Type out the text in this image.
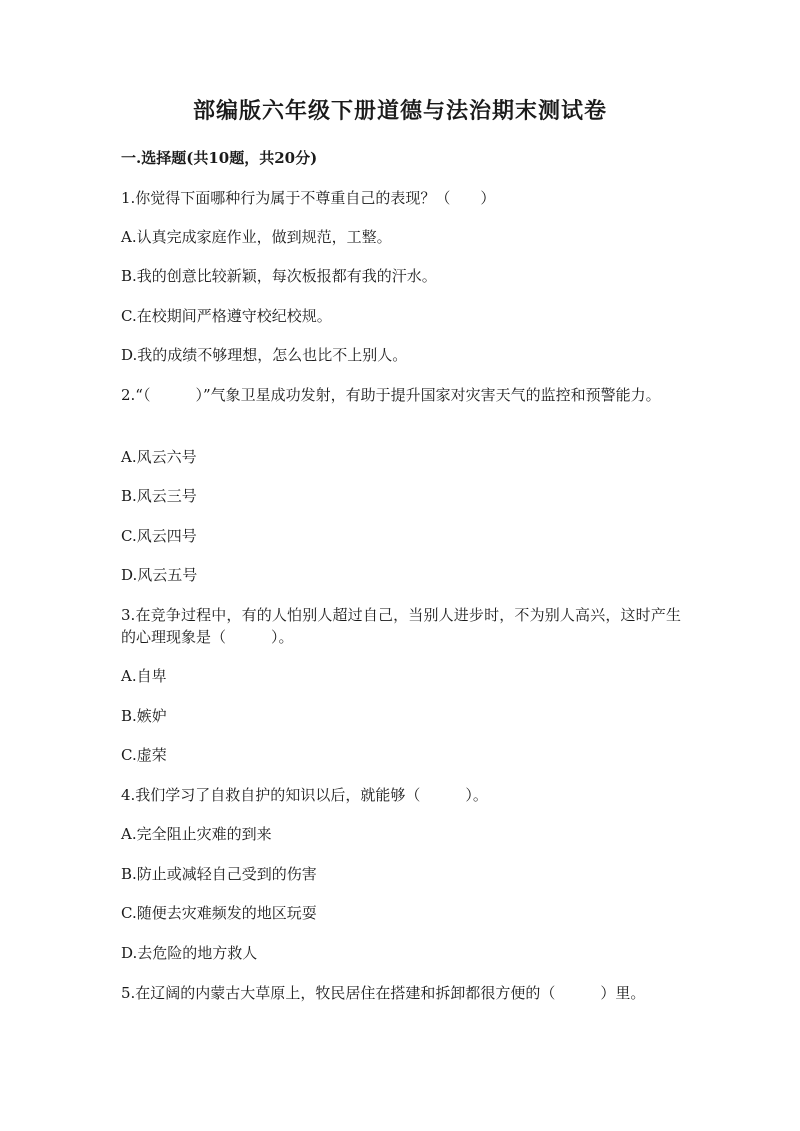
部编版六年级下册道德与法治期末测试卷
一.选择题(共10题，共20分)
1.你觉得下面哪种行为属于不尊重自己的表现？（　　）
A.认真完成家庭作业，做到规范，工整。
B.我的创意比较新颖，每次板报都有我的汗水。
C.在校期间严格遵守校纪校规。
D.我的成绩不够理想，怎么也比不上别人。
2.“（　　　）”气象卫星成功发射，有助于提升国家对灾害天气的监控和预警能力。
A.风云六号
B.风云三号
C.风云四号
D.风云五号
3.在竞争过程中，有的人怕别人超过自己，当别人进步时，不为别人高兴，这时产生的心理现象是（　　　）。
A.自卑
B.嫉妒
C.虚荣
4.我们学习了自救自护的知识以后，就能够（　　　）。
A.完全阻止灾难的到来
B.防止或减轻自己受到的伤害
C.随便去灾难频发的地区玩耍
D.去危险的地方救人
5.在辽阔的内蒙古大草原上，牧民居住在搭建和拆卸都很方便的（　　　）里。
